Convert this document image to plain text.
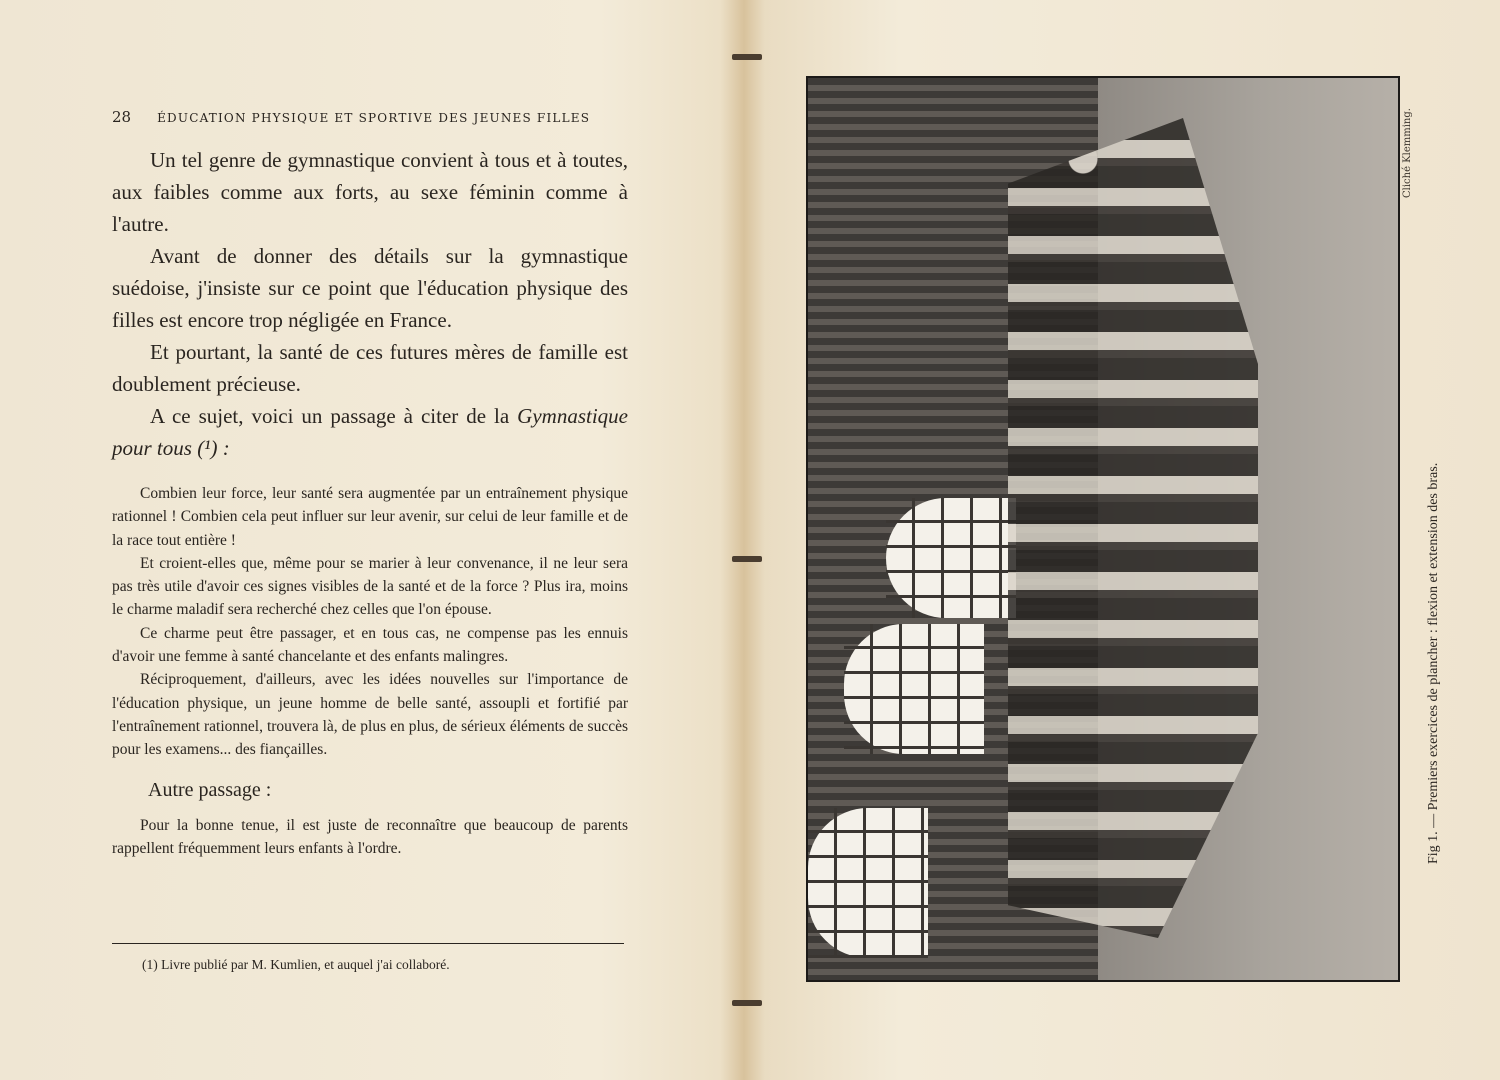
28 ÉDUCATION PHYSIQUE ET SPORTIVE DES JEUNES FILLES

Un tel genre de gymnastique convient à tous et à toutes, aux faibles comme aux forts, au sexe féminin comme à l'autre.

Avant de donner des détails sur la gymnastique suédoise, j'insiste sur ce point que l'éducation physique des filles est encore trop négligée en France.

Et pourtant, la santé de ces futures mères de famille est doublement précieuse.

A ce sujet, voici un passage à citer de la Gymnastique pour tous (¹) :

Combien leur force, leur santé sera augmentée par un entraînement physique rationnel ! Combien cela peut influer sur leur avenir, sur celui de leur famille et de la race tout entière !

Et croient-elles que, même pour se marier à leur convenance, il ne leur sera pas très utile d'avoir ces signes visibles de la santé et de la force ? Plus ira, moins le charme maladif sera recherché chez celles que l'on épouse.

Ce charme peut être passager, et en tous cas, ne compense pas les ennuis d'avoir une femme à santé chancelante et des enfants malingres.

Réciproquement, d'ailleurs, avec les idées nouvelles sur l'importance de l'éducation physique, un jeune homme de belle santé, assoupli et fortifié par l'entraînement rationnel, trouvera là, de plus en plus, de sérieux éléments de succès pour les examens... des fiançailles.

Autre passage :

Pour la bonne tenue, il est juste de reconnaître que beaucoup de parents rappellent fréquemment leurs enfants à l'ordre.

(1) Livre publié par M. Kumlien, et auquel j'ai collaboré.
Cliché Klemming.
Fig 1. — Premiers exercices de plancher : flexion et extension des bras.
